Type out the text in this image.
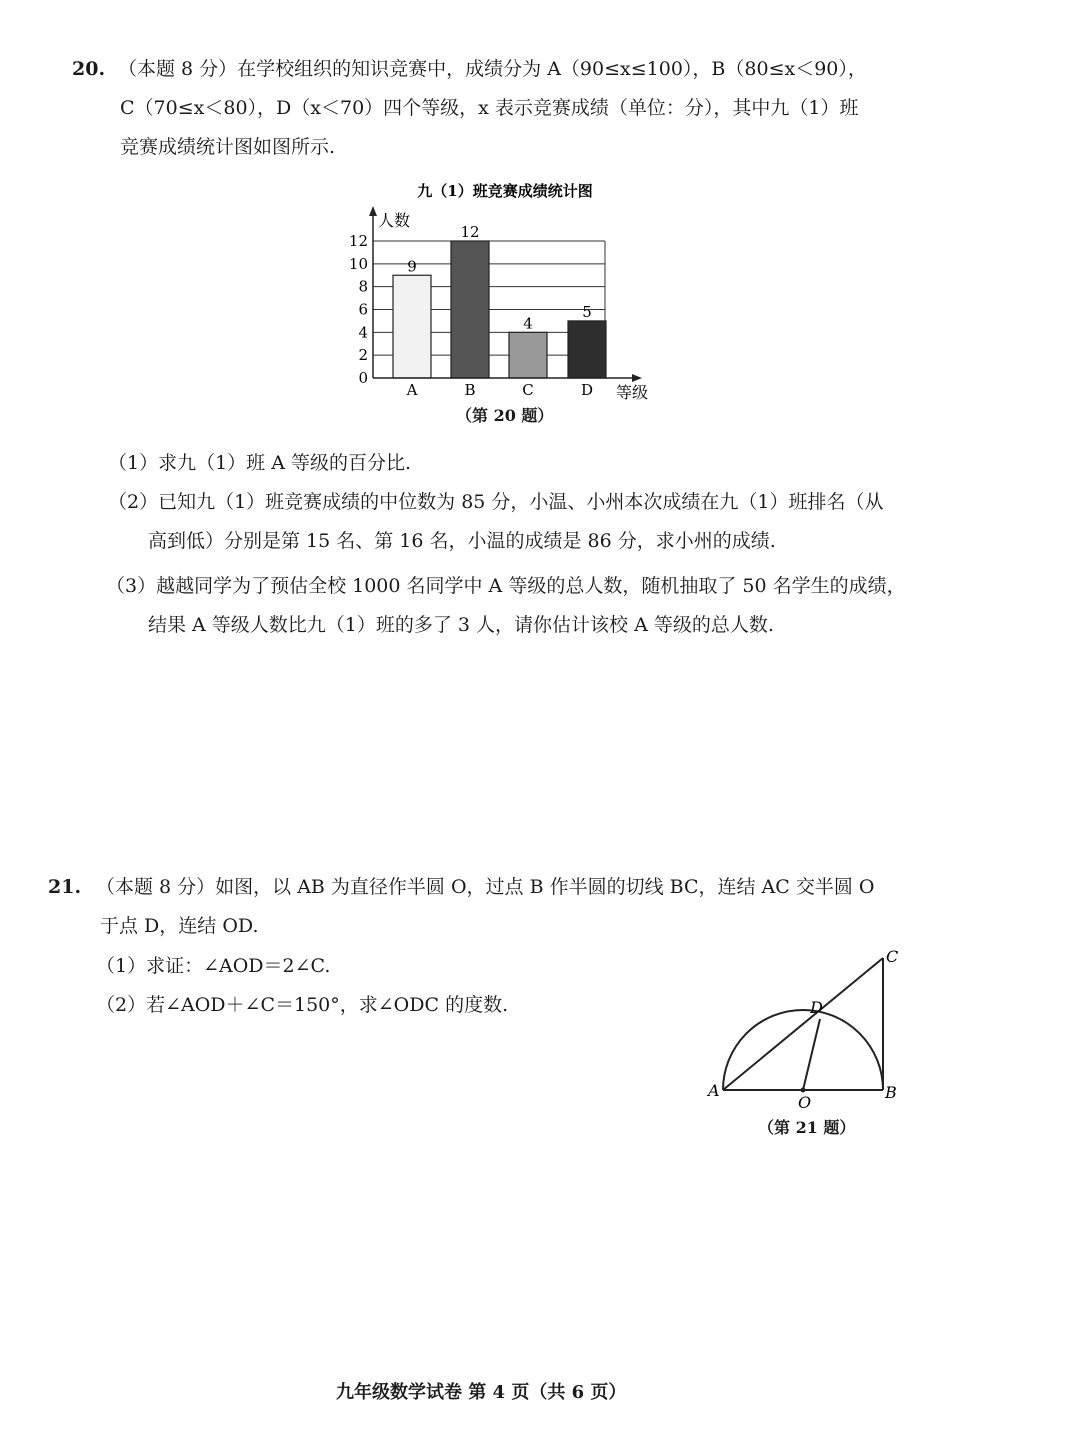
20. （本题 8 分）在学校组织的知识竞赛中，成绩分为 A（90≤x≤100），B（80≤x＜90），
C（70≤x＜80），D（x＜70）四个等级，x 表示竞赛成绩（单位：分），其中九（1）班
竞赛成绩统计图如图所示.
九（1）班竞赛成绩统计图
0
2
4
6
8
10
12
9
12
4
5
A	B	C	D
人数
等级
（第 20 题）
（1）求九（1）班 A 等级的百分比.
（2）已知九（1）班竞赛成绩的中位数为 85 分，小温、小州本次成绩在九（1）班排名（从
高到低）分别是第 15 名、第 16 名，小温的成绩是 86 分，求小州的成绩.
（3）越越同学为了预估全校 1000 名同学中 A 等级的总人数，随机抽取了 50 名学生的成绩，
结果 A 等级人数比九（1）班的多了 3 人，请你估计该校 A 等级的总人数.
21. （本题 8 分）如图，以 AB 为直径作半圆 O，过点 B 作半圆的切线 BC，连结 AC 交半圆 O
于点 D，连结 OD.
（1）求证：∠AOD＝2∠C.
（2）若∠AOD＋∠C＝150°，求∠ODC 的度数.
A	B
C
D
O
（第 21 题）
九年级数学试卷 第 4 页（共 6 页）
